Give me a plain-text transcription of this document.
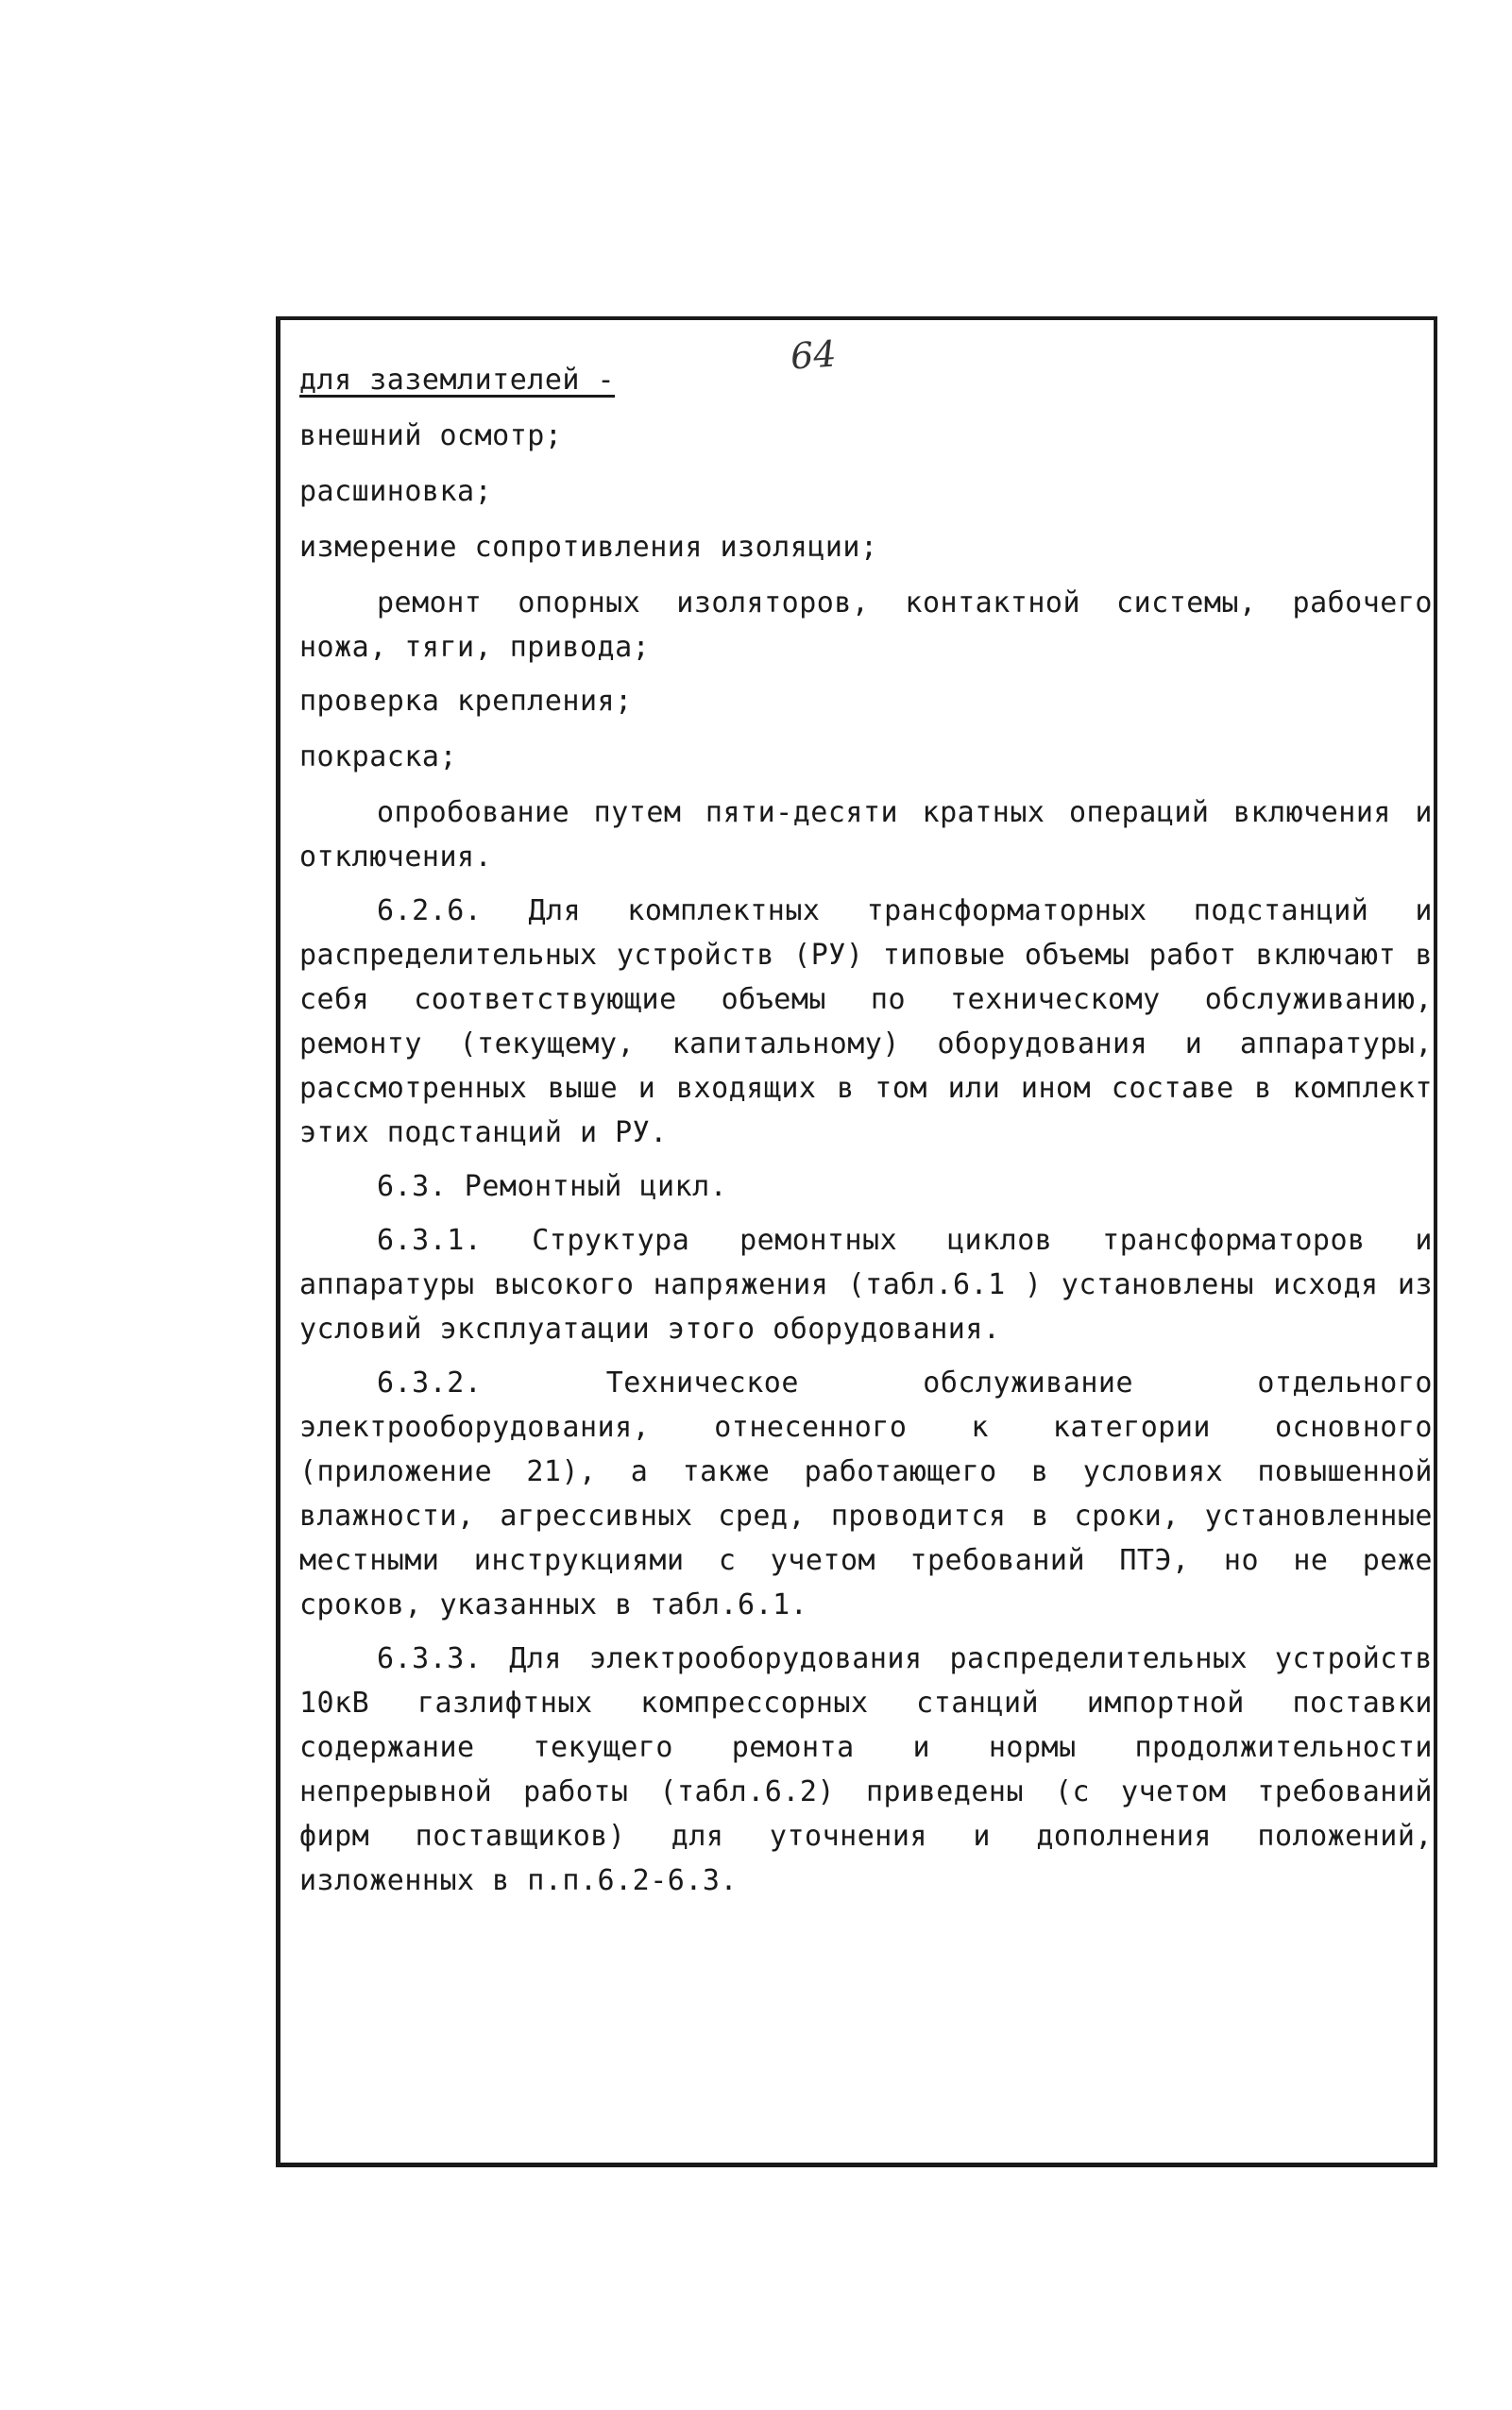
64

для заземлителей -

внешний осмотр;

расшиновка;

измерение сопротивления изоляции;

ремонт опорных изоляторов, контактной системы, рабочего ножа, тяги, привода;

проверка крепления;

покраска;

опробование путем пяти-десяти кратных операций включения и отключения.

6.2.6. Для комплектных трансформаторных подстанций и распределительных устройств (РУ) типовые объемы работ включают в себя соответствующие объемы по техническому обслуживанию, ремонту (текущему, капитальному) оборудования и аппаратуры, рассмотренных выше и входящих в том или ином составе в комплект этих подстанций и РУ.

6.3. Ремонтный цикл.

6.3.1. Структура ремонтных циклов трансформаторов и аппаратуры высокого напряжения (табл.6.1 ) установлены исходя из условий эксплуатации этого оборудования.

6.3.2. Техническое обслуживание отдельного электрооборудования, отнесенного к категории основного (приложение 21), а также работающего в условиях повышенной влажности, агрессивных сред, проводится в сроки, установленные местными инструкциями с учетом требований ПТЭ, но не реже сроков, указанных в табл.6.1.

6.3.3. Для электрооборудования распределительных устройств 10кВ газлифтных компрессорных станций импортной поставки содержание текущего ремонта и нормы продолжительности непрерывной работы (табл.6.2) приведены (с учетом требований фирм поставщиков) для уточнения и дополнения положений, изложенных в п.п.6.2-6.3.
